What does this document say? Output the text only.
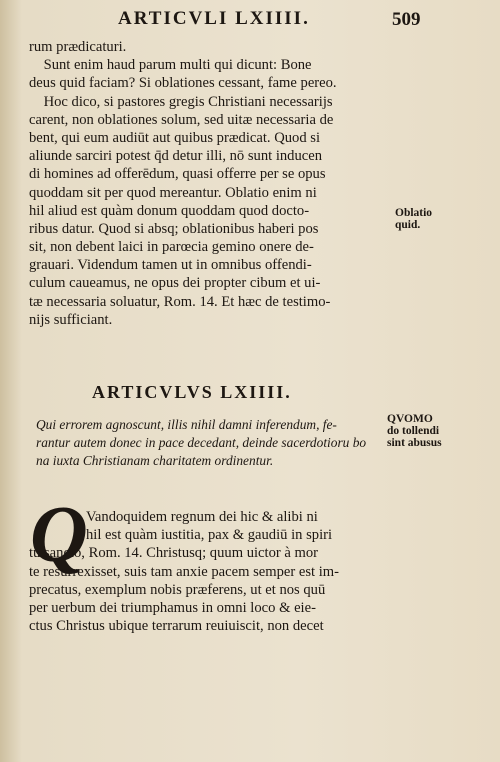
ARTICVLI LXIIII.	509
rum prædicaturi.
Sunt enim haud parum multi qui dicunt: Bone
deus quid faciam? Si oblationes cessant, fame pereo.
Hoc dico, si pastores gregis Christiani necessarijs
carent, non oblationes solum, sed uitæ necessaria de
bent, qui eum audiūt aut quibus prædicat. Quod si
aliunde sarciri potest q̄d detur illi, nō sunt inducen
di homines ad offerēdum, quasi offerre per se opus
quoddam sit per quod mereantur. Oblatio enim ni
hil aliud est quàm donum quoddam quod docto-
ribus datur. Quod si absq; oblationibus haberi pos
sit, non debent laici in parœcia gemino onere de-
grauari. Videndum tamen ut in omnibus offendi-
culum caueamus, ne opus dei propter cibum et ui-
tæ necessaria soluatur, Rom. 14. Et hæc de testimo-
nijs sufficiant.
Oblatio
quid.
ARTICVLVS LXIIII.
Qui errorem agnoscunt, illis nihil damni inferendum, fe-
rantur autem donec in pace decedant, deinde sacerdotioru bo
na iuxta Christianam charitatem ordinentur.
QVOMO
do tollendi
sint abusus
Q
Vandoquidem regnum dei hic & alibi ni
hil est quàm iustitia, pax & gaudiū in spiri
tu sancto, Rom. 14. Christusq; quum uictor à mor
te resurrexisset, suis tam anxie pacem semper est im-
precatus, exemplum nobis præferens, ut et nos quū
per uerbum dei triumphamus in omni loco & eie-
ctus Christus ubique terrarum reuiuiscit, non decet
